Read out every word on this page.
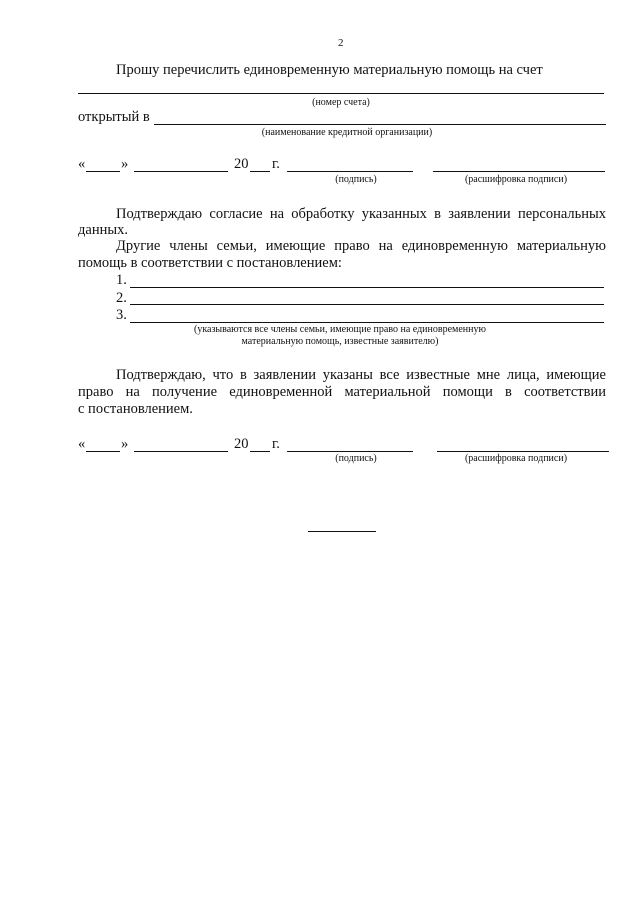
2
Прошу перечислить единовременную материальную помощь на счет
(номер счета)
открытый в
(наименование кредитной организации)
« »	20 г.
(подпись)	(расшифровка подписи)
Подтверждаю согласие на обработку указанных в заявлении персональных
данных.
Другие члены семьи, имеющие право на единовременную материальную
помощь в соответствии с постановлением:
1.
2.
3.
(указываются все члены семьи, имеющие право на единовременную
материальную помощь, известные заявителю)
Подтверждаю, что в заявлении указаны все известные мне лица, имеющие
право на получение единовременной материальной помощи в соответствии
с постановлением.
« »	20 г.
(подпись)	(расшифровка подписи)
